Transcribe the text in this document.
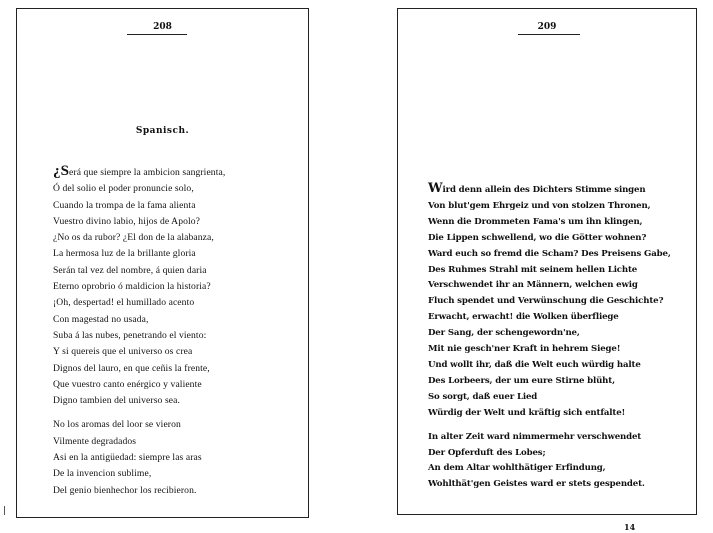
208
Spanisch.
¿Será que siempre la ambicion sangrienta,
Ó del solio el poder pronuncie solo,
Cuando la trompa de la fama alienta
Vuestro divino labio, hijos de Apolo?
¿No os da rubor? ¿El don de la alabanza,
La hermosa luz de la brillante gloria
Serán tal vez del nombre, á quien daria
Eterno oprobrio ó maldicion la historia?
¡Oh, despertad! el humillado acento
Con magestad no usada,
Suba á las nubes, penetrando el viento:
Y si quereis que el universo os crea
Dignos del lauro, en que ceñis la frente,
Que vuestro canto enérgico y valiente
Digno tambien del universo sea.
No los aromas del loor se vieron
Vilmente degradados
Asi en la antigüedad: siempre las aras
De la invencion sublime,
Del genio bienhechor los recibieron.
209
Wird denn allein des Dichters Stimme singen
Von blut'gem Ehrgeiz und von stolzen Thronen,
Wenn die Drommeten Fama's um ihn klingen,
Die Lippen schwellend, wo die Götter wohnen?
Ward euch so fremd die Scham? Des Preisens Gabe,
Des Ruhmes Strahl mit seinem hellen Lichte
Verschwendet ihr an Männern, welchen ewig
Fluch spendet und Verwünschung die Geschichte?
Erwacht, erwacht! die Wolken überfliege
Der Sang, der schengewordn'ne,
Mit nie gesch'ner Kraft in hehrem Siege!
Und wollt ihr, daß die Welt euch würdig halte
Des Lorbeers, der um eure Stirne blüht,
So sorgt, daß euer Lied
Würdig der Welt und kräftig sich entfalte!
In alter Zeit ward nimmermehr verschwendet
Der Opferduft des Lobes;
An dem Altar wohlthätiger Erfindung,
Wohlthät'gen Geistes ward er stets gespendet.
14
